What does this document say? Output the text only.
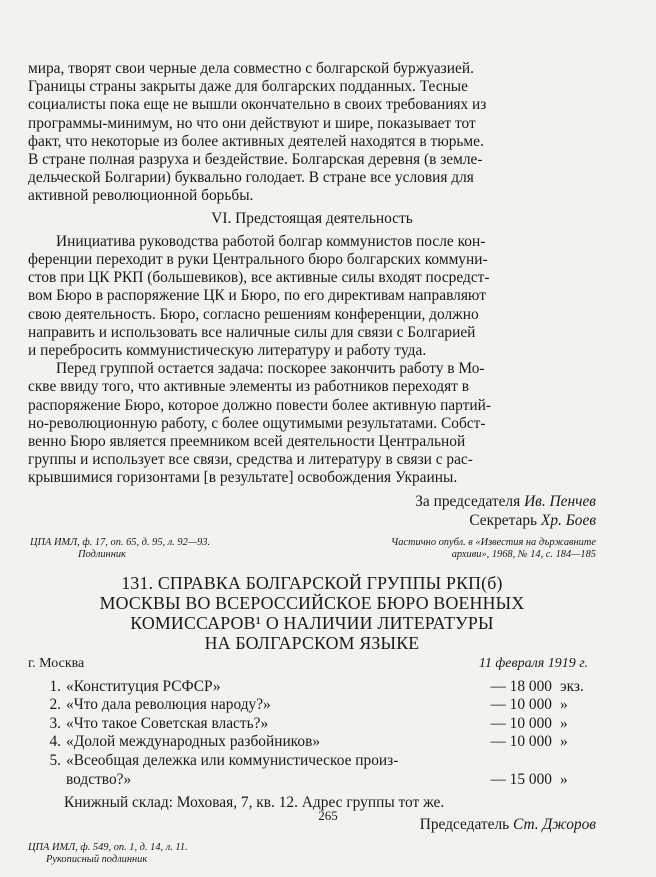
мира, творят свои черные дела совместно с болгарской буржуазией.

Границы страны закрыты даже для болгарских подданных. Тесные

социалисты пока еще не вышли окончательно в своих требованиях из

программы-минимум, но что они действуют и шире, показывает тот

факт, что некоторые из более активных деятелей находятся в тюрьме.

В стране полная разруха и бездействие. Болгарская деревня (в земле-

дельческой Болгарии) буквально голодает. В стране все условия для

активной революционной борьбы.

VI. Предстоящая деятельность

Инициатива руководства работой болгар коммунистов после кон-

ференции переходит в руки Центрального бюро болгарских коммуни-

стов при ЦК РКП (большевиков), все активные силы входят посредст-

вом Бюро в распоряжение ЦК и Бюро, по его директивам направляют

свою деятельность. Бюро, согласно решениям конференции, должно

направить и использовать все наличные силы для связи с Болгарией

и перебросить коммунистическую литературу и работу туда.

Перед группой остается задача: поскорее закончить работу в Мо-

скве ввиду того, что активные элементы из работников переходят в

распоряжение Бюро, которое должно повести более активную партий-

но-революционную работу, с более ощутимыми результатами. Собст-

венно Бюро является преемником всей деятельности Центральной

группы и использует все связи, средства и литературу в связи с рас-

крывшимися горизонтами [в результате] освобождения Украины.

За председателя Ив. Пенчев

Секретарь Хр. Боев

ЦПА ИМЛ, ф. 17, оп. 65, д. 95, л. 92—93.
Подлинник
Частично опубл. в «Известия на държавните
архиви», 1968, № 14, с. 184—185
131. СПРАВКА БОЛГАРСКОЙ ГРУППЫ РКП(б)
МОСКВЫ ВО ВСЕРОССИЙСКОЕ БЮРО ВОЕННЫХ
КОМИССАРОВ¹ О НАЛИЧИИ ЛИТЕРАТУРЫ
НА БОЛГАРСКОМ ЯЗЫКЕ
г. Москва	11 февраля 1919 г.
1. «Конституция РСФСР»	— 18 000 экз.
2. «Что дала революция народу?»	— 10 000 »
3. «Что такое Советская власть?»	— 10 000 »
4. «Долой международных разбойников»	— 10 000 »
5. «Всеобщая дележка или коммунистическое произ-
водство?»	— 15 000 »
Книжный склад: Моховая, 7, кв. 12. Адрес группы тот же.
Председатель Ст. Джоров
ЦПА ИМЛ, ф. 549, оп. 1, д. 14, л. 11.
Рукописный подлинник
265
